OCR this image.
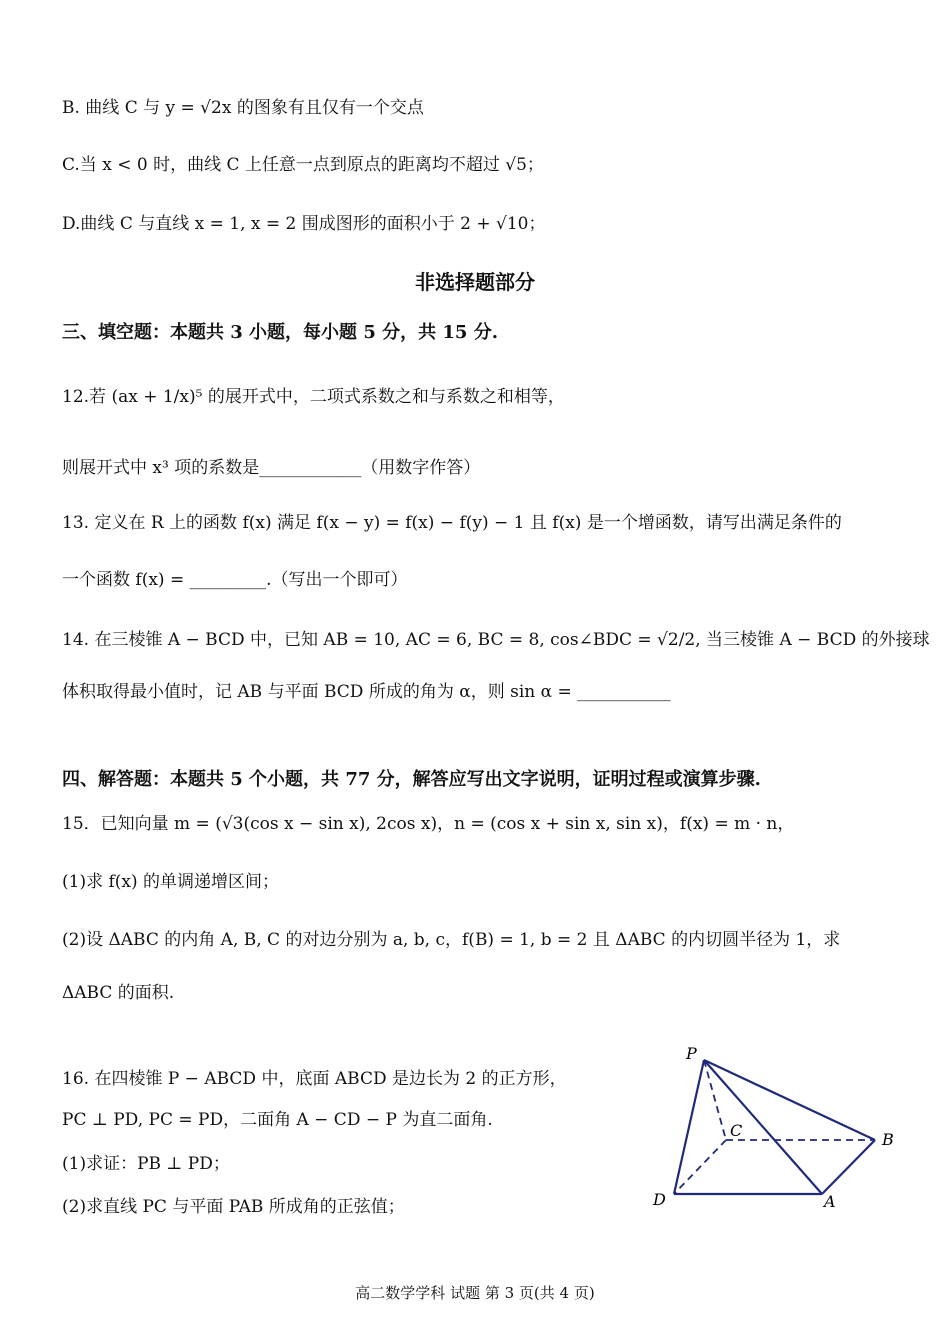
B. 曲线 C 与 y = √2x 的图象有且仅有一个交点
C.当 x < 0 时，曲线 C 上任意一点到原点的距离均不超过 √5；
D.曲线 C 与直线 x = 1, x = 2 围成图形的面积小于 2 + √10；
非选择题部分
三、填空题：本题共 3 小题，每小题 5 分，共 15 分.
12.若 (ax + 1/x)⁵ 的展开式中，二项式系数之和与系数之和相等，
则展开式中 x³ 项的系数是____________（用数字作答）
13. 定义在 R 上的函数 f(x) 满足 f(x − y) = f(x) − f(y) − 1 且 f(x) 是一个增函数，请写出满足条件的
一个函数 f(x) = _________.（写出一个即可）
14. 在三棱锥 A − BCD 中，已知 AB = 10, AC = 6, BC = 8, cos∠BDC = √2/2, 当三棱锥 A − BCD 的外接球
体积取得最小值时，记 AB 与平面 BCD 所成的角为 α，则 sin α = ___________
四、解答题：本题共 5 个小题，共 77 分，解答应写出文字说明，证明过程或演算步骤.
15．已知向量 m = (√3(cos x − sin x), 2cos x)，n = (cos x + sin x, sin x)，f(x) = m · n，
(1)求 f(x) 的单调递增区间；
(2)设 ΔABC 的内角 A, B, C 的对边分别为 a, b, c，f(B) = 1, b = 2 且 ΔABC 的内切圆半径为 1，求
ΔABC 的面积.
16. 在四棱锥 P − ABCD 中，底面 ABCD 是边长为 2 的正方形，
PC ⊥ PD, PC = PD，二面角 A − CD − P 为直二面角.
(1)求证：PB ⊥ PD；
(2)求直线 PC 与平面 PAB 所成角的正弦值；
P
C	B
D	A
高二数学学科 试题 第 3 页(共 4 页)
